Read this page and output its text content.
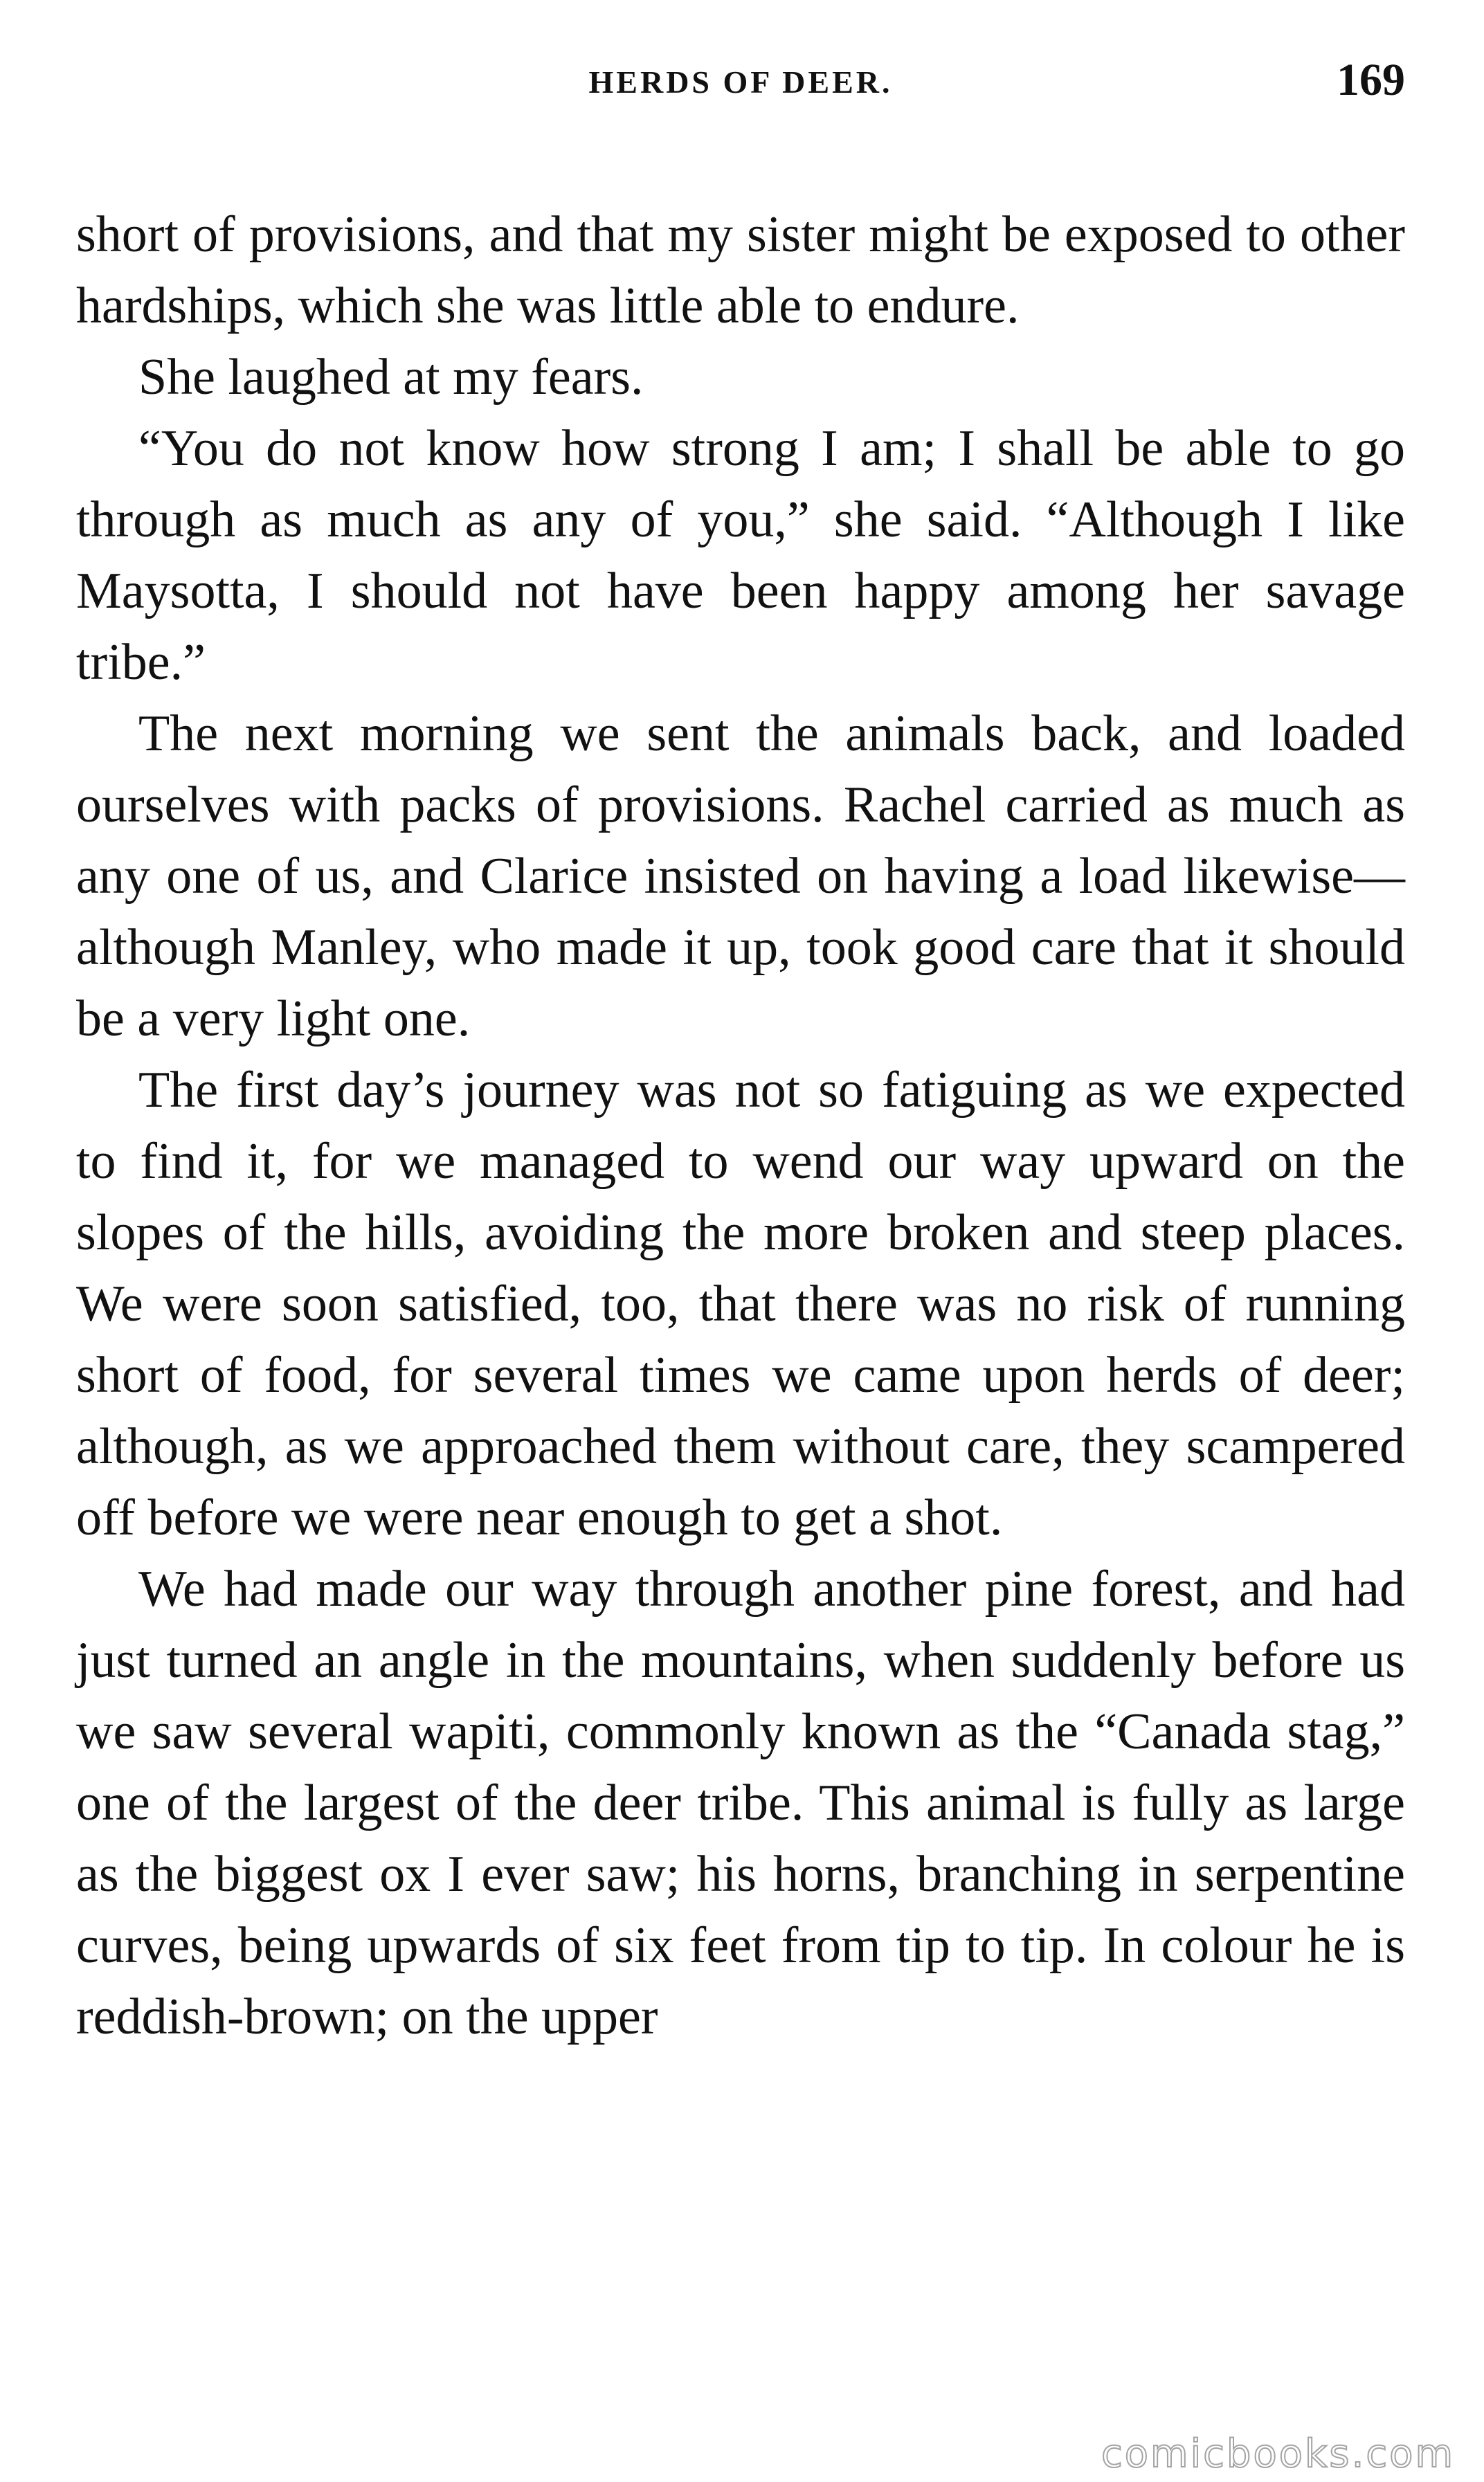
HERDS OF DEER.	169

short of provisions, and that my sister might be exposed to other hardships, which she was little able to endure.

She laughed at my fears.

“You do not know how strong I am; I shall be able to go through as much as any of you,” she said. “Although I like Maysotta, I should not have been happy among her savage tribe.”

The next morning we sent the animals back, and loaded ourselves with packs of provisions. Rachel carried as much as any one of us, and Clarice insisted on having a load likewise—although Manley, who made it up, took good care that it should be a very light one.

The first day’s journey was not so fatiguing as we expected to find it, for we managed to wend our way upward on the slopes of the hills, avoiding the more broken and steep places. We were soon satisfied, too, that there was no risk of running short of food, for several times we came upon herds of deer; although, as we approached them without care, they scampered off before we were near enough to get a shot.

We had made our way through another pine forest, and had just turned an angle in the mountains, when suddenly before us we saw several wapiti, commonly known as the “Canada stag,” one of the largest of the deer tribe. This animal is fully as large as the biggest ox I ever saw; his horns, branching in serpentine curves, being upwards of six feet from tip to tip. In colour he is reddish-brown; on the upper

comicbooks.com
